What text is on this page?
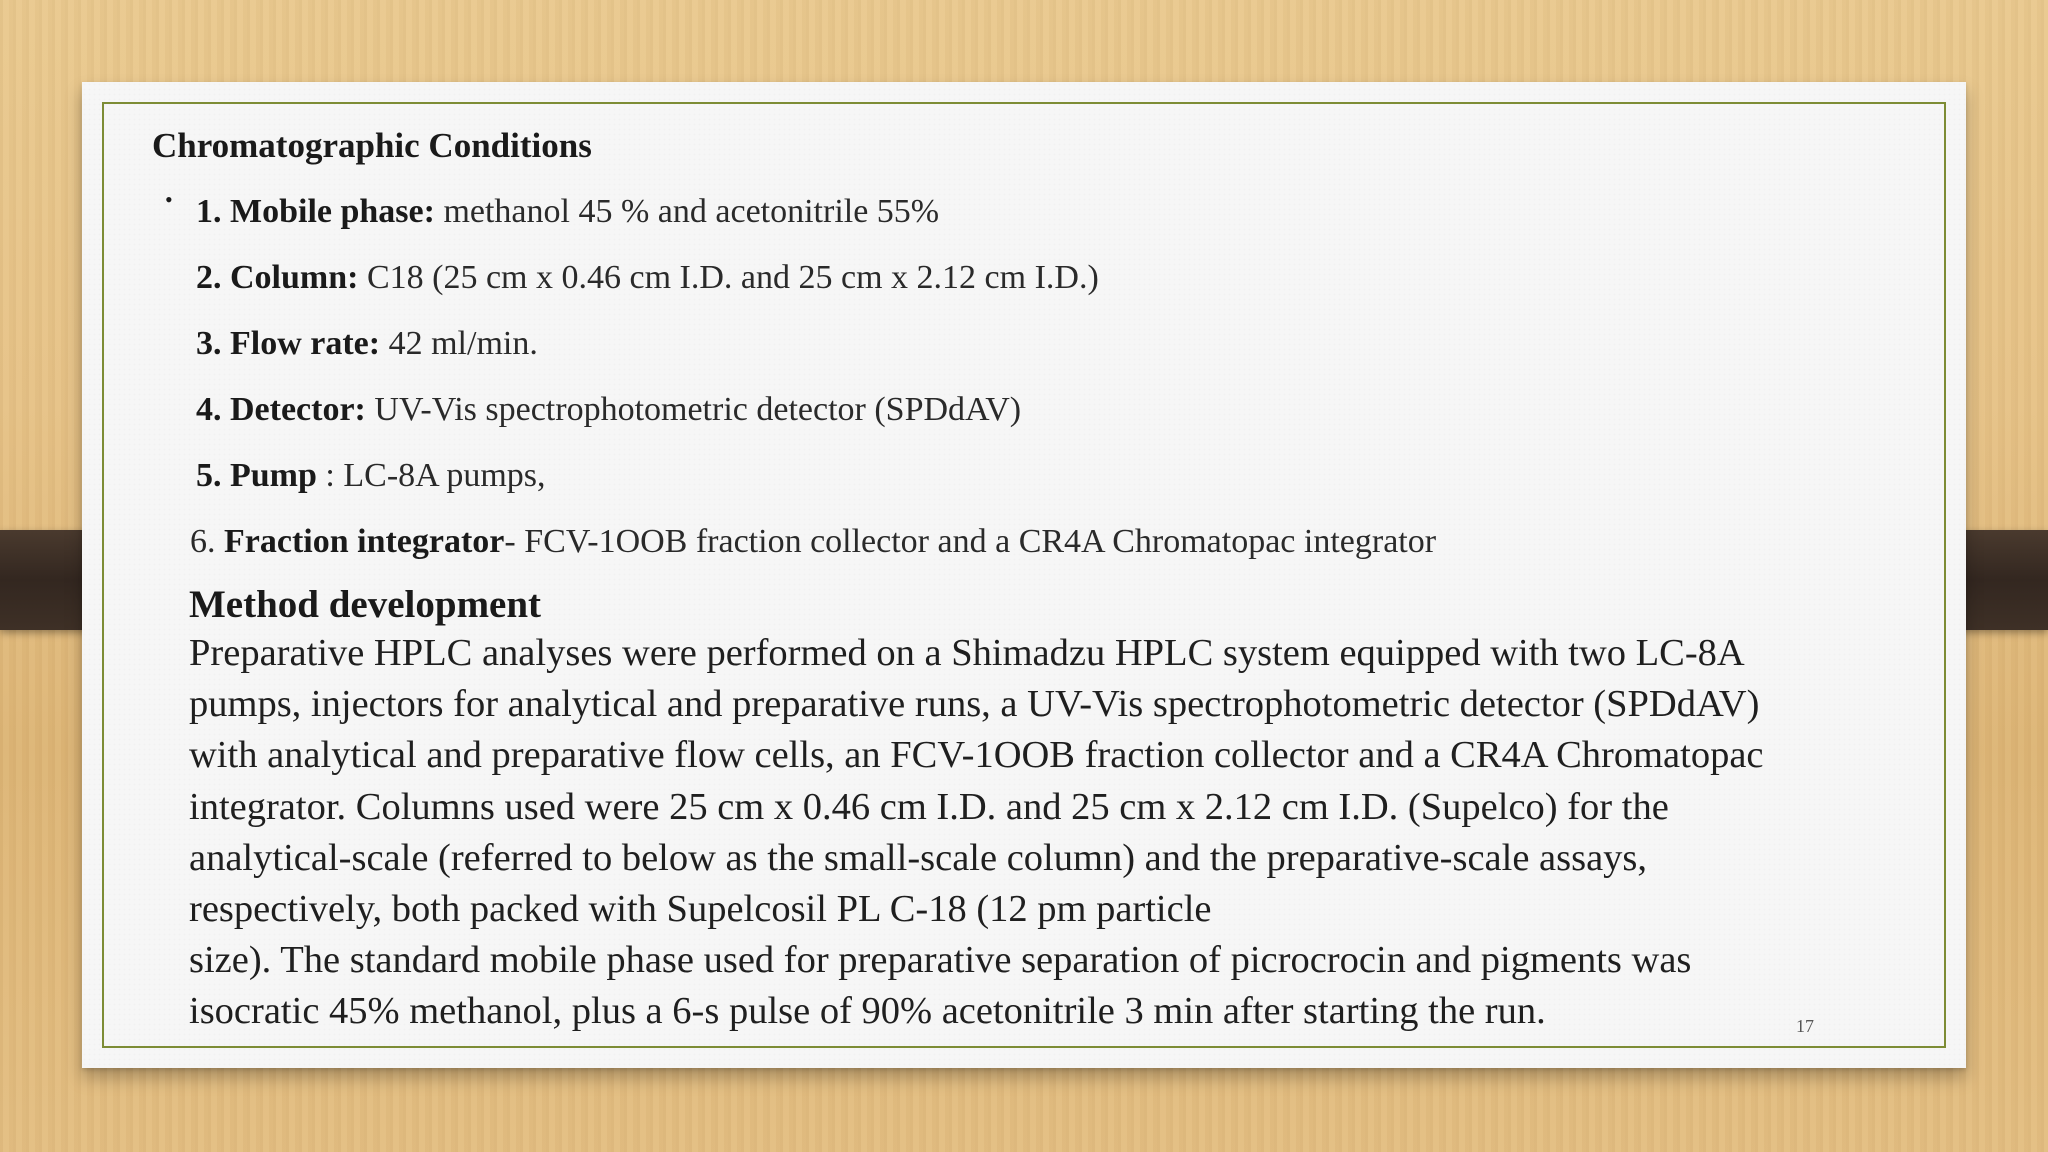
Chromatographic Conditions
• 1. Mobile phase: methanol 45 % and acetonitrile 55%
2. Column: C18 (25 cm x 0.46 cm I.D. and 25 cm x 2.12 cm I.D.)
3. Flow rate: 42 ml/min.
4. Detector: UV-Vis spectrophotometric detector (SPDdAV)
5. Pump : LC-8A pumps,
6. Fraction integrator- FCV-1OOB fraction collector and a CR4A Chromatopac integrator
Method development
Preparative HPLC analyses were performed on a Shimadzu HPLC system equipped with two LC-8A
pumps, injectors for analytical and preparative runs, a UV-Vis spectrophotometric detector (SPDdAV)
with analytical and preparative flow cells, an FCV-1OOB fraction collector and a CR4A Chromatopac
integrator. Columns used were 25 cm x 0.46 cm I.D. and 25 cm x 2.12 cm I.D. (Supelco) for the
analytical-scale (referred to below as the small-scale column) and the preparative-scale assays,
respectively, both packed with Supelcosil PL C-18 (12 pm particle
size). The standard mobile phase used for preparative separation of picrocrocin and pigments was
isocratic 45% methanol, plus a 6-s pulse of 90% acetonitrile 3 min after starting the run.	17
